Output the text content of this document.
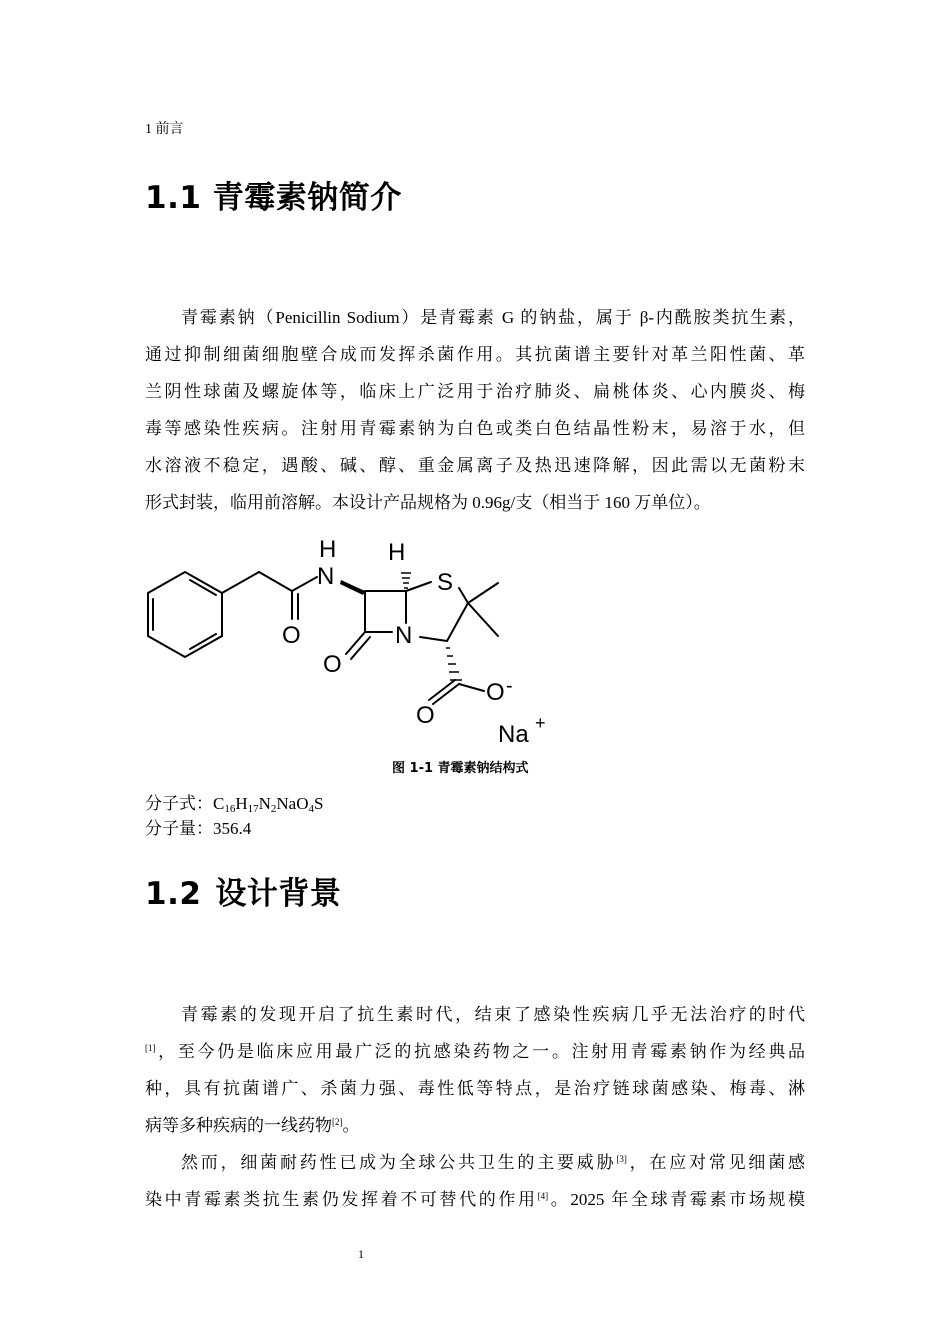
1 前言
1.1 青霉素钠简介
青霉素钠（Penicillin Sodium）是青霉素 G 的钠盐，属于 β-内酰胺类抗生素，
通过抑制细菌细胞壁合成而发挥杀菌作用。其抗菌谱主要针对革兰阳性菌、革
兰阴性球菌及螺旋体等，临床上广泛用于治疗肺炎、扁桃体炎、心内膜炎、梅
毒等感染性疾病。注射用青霉素钠为白色或类白色结晶性粉末，易溶于水，但
水溶液不稳定，遇酸、碱、醇、重金属离子及热迅速降解，因此需以无菌粉末
形式封装，临用前溶解。本设计产品规格为 0.96g/支（相当于 160 万单位）。
H
N
H
S
O	N
O
O -
O
Na +
图 1-1 青霉素钠结构式
分子式：$C_{16}H_{17}N_2NaO_4S$
分子量：356.4
1.2 设计背景
青霉素的发现开启了抗生素时代，结束了感染性疾病几乎无法治疗的时代
[1]，至今仍是临床应用最广泛的抗感染药物之一。注射用青霉素钠作为经典品
种，具有抗菌谱广、杀菌力强、毒性低等特点，是治疗链球菌感染、梅毒、淋
病等多种疾病的一线药物[2]。
然而，细菌耐药性已成为全球公共卫生的主要威胁[3]，在应对常见细菌感
染中青霉素类抗生素仍发挥着不可替代的作用[4]。2025 年全球青霉素市场规模
1
